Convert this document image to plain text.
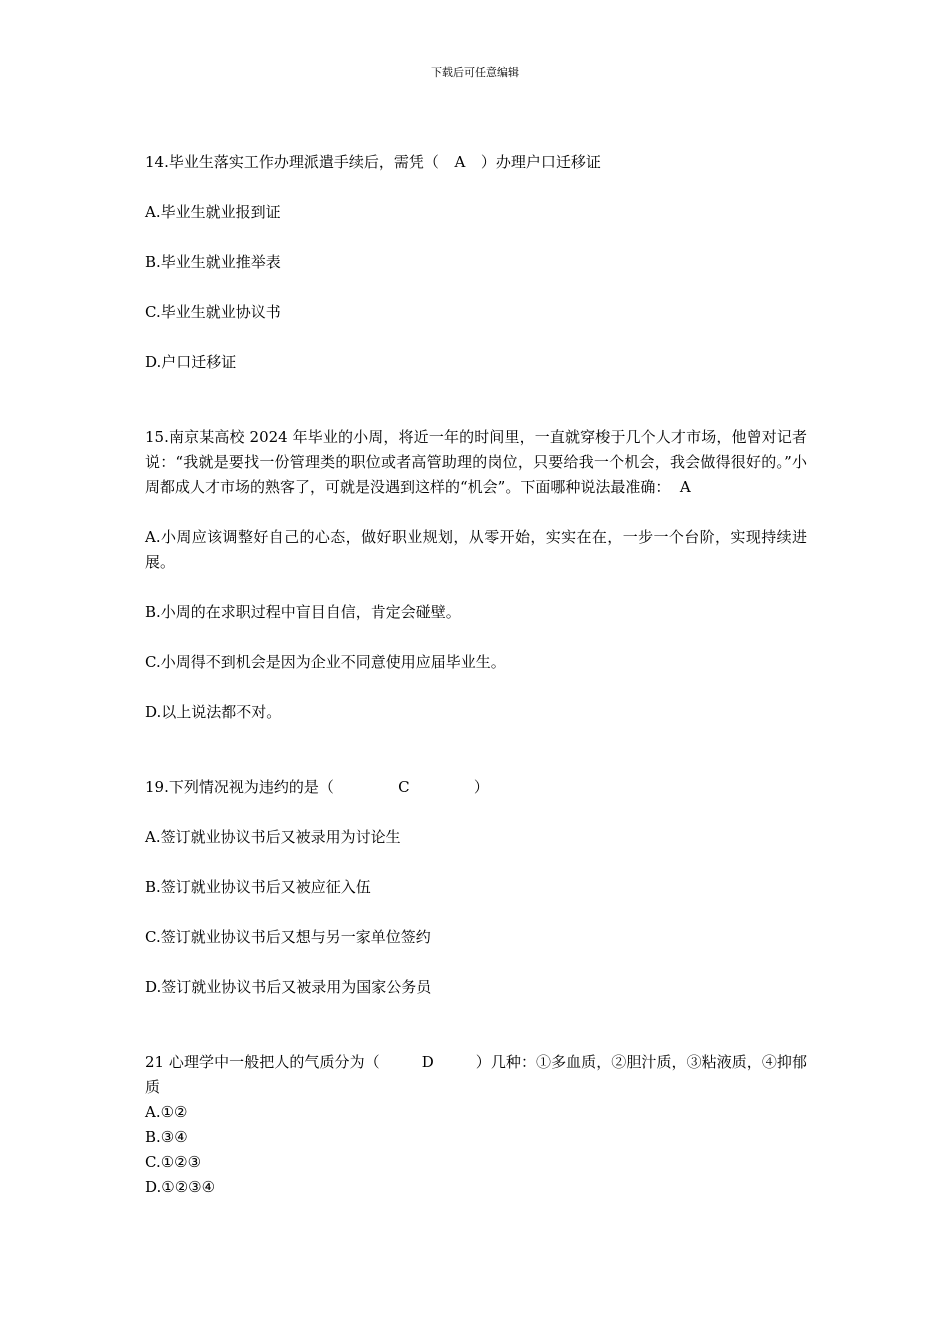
下载后可任意编辑

14.毕业生落实工作办理派遣手续后，需凭（ A ）办理户口迁移证

A.毕业生就业报到证

B.毕业生就业推举表

C.毕业生就业协议书

D.户口迁移证

15.南京某高校 2024 年毕业的小周，将近一年的时间里，一直就穿梭于几个人才市场，他曾对记者说：“我就是要找一份管理类的职位或者高管助理的岗位，只要给我一个机会，我会做得很好的。”小周都成人才市场的熟客了，可就是没遇到这样的“机会”。下面哪种说法最准确： A

A.小周应该调整好自己的心态，做好职业规划，从零开始，实实在在，一步一个台阶，实现持续进展。

B.小周的在求职过程中盲目自信，肯定会碰壁。

C.小周得不到机会是因为企业不同意使用应届毕业生。

D.以上说法都不对。

19.下列情况视为违约的是（	C	）

A.签订就业协议书后又被录用为讨论生

B.签订就业协议书后又被应征入伍

C.签订就业协议书后又想与另一家单位签约

D.签订就业协议书后又被录用为国家公务员

21 心理学中一般把人的气质分为（	D	）几种：①多血质，②胆汁质，③粘液质，④抑郁质

A.①②

B.③④

C.①②③

D.①②③④
